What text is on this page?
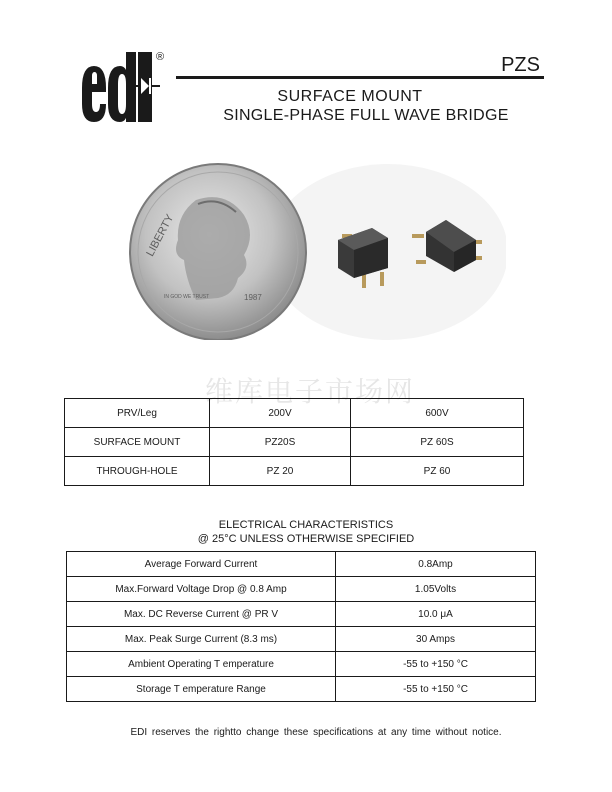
®	PZS
SURFACE MOUNT
SINGLE-PHASE FULL WAVE BRIDGE
LIBERTY
IN GOD WE TRUST	1987
维库电子市场网
PRV/Leg	200V	600V
SURFACE MOUNT	PZ20S	PZ 60S
THROUGH-HOLE	PZ 20	PZ 60
ELECTRICAL CHARACTERISTICS
@ 25°C UNLESS OTHERWISE SPECIFIED
Average Forward Current	0.8Amp
Max.Forward Voltage Drop @ 0.8 Amp	1.05Volts
Max. DC Reverse Current @ PR V	10.0 μA
Max. Peak Surge Current (8.3 ms)	30 Amps
Ambient Operating T emperature	-55 to +150 °C
Storage T emperature Range	-55 to +150 °C
EDI reserves the rightto change these specifications at any time without notice.
